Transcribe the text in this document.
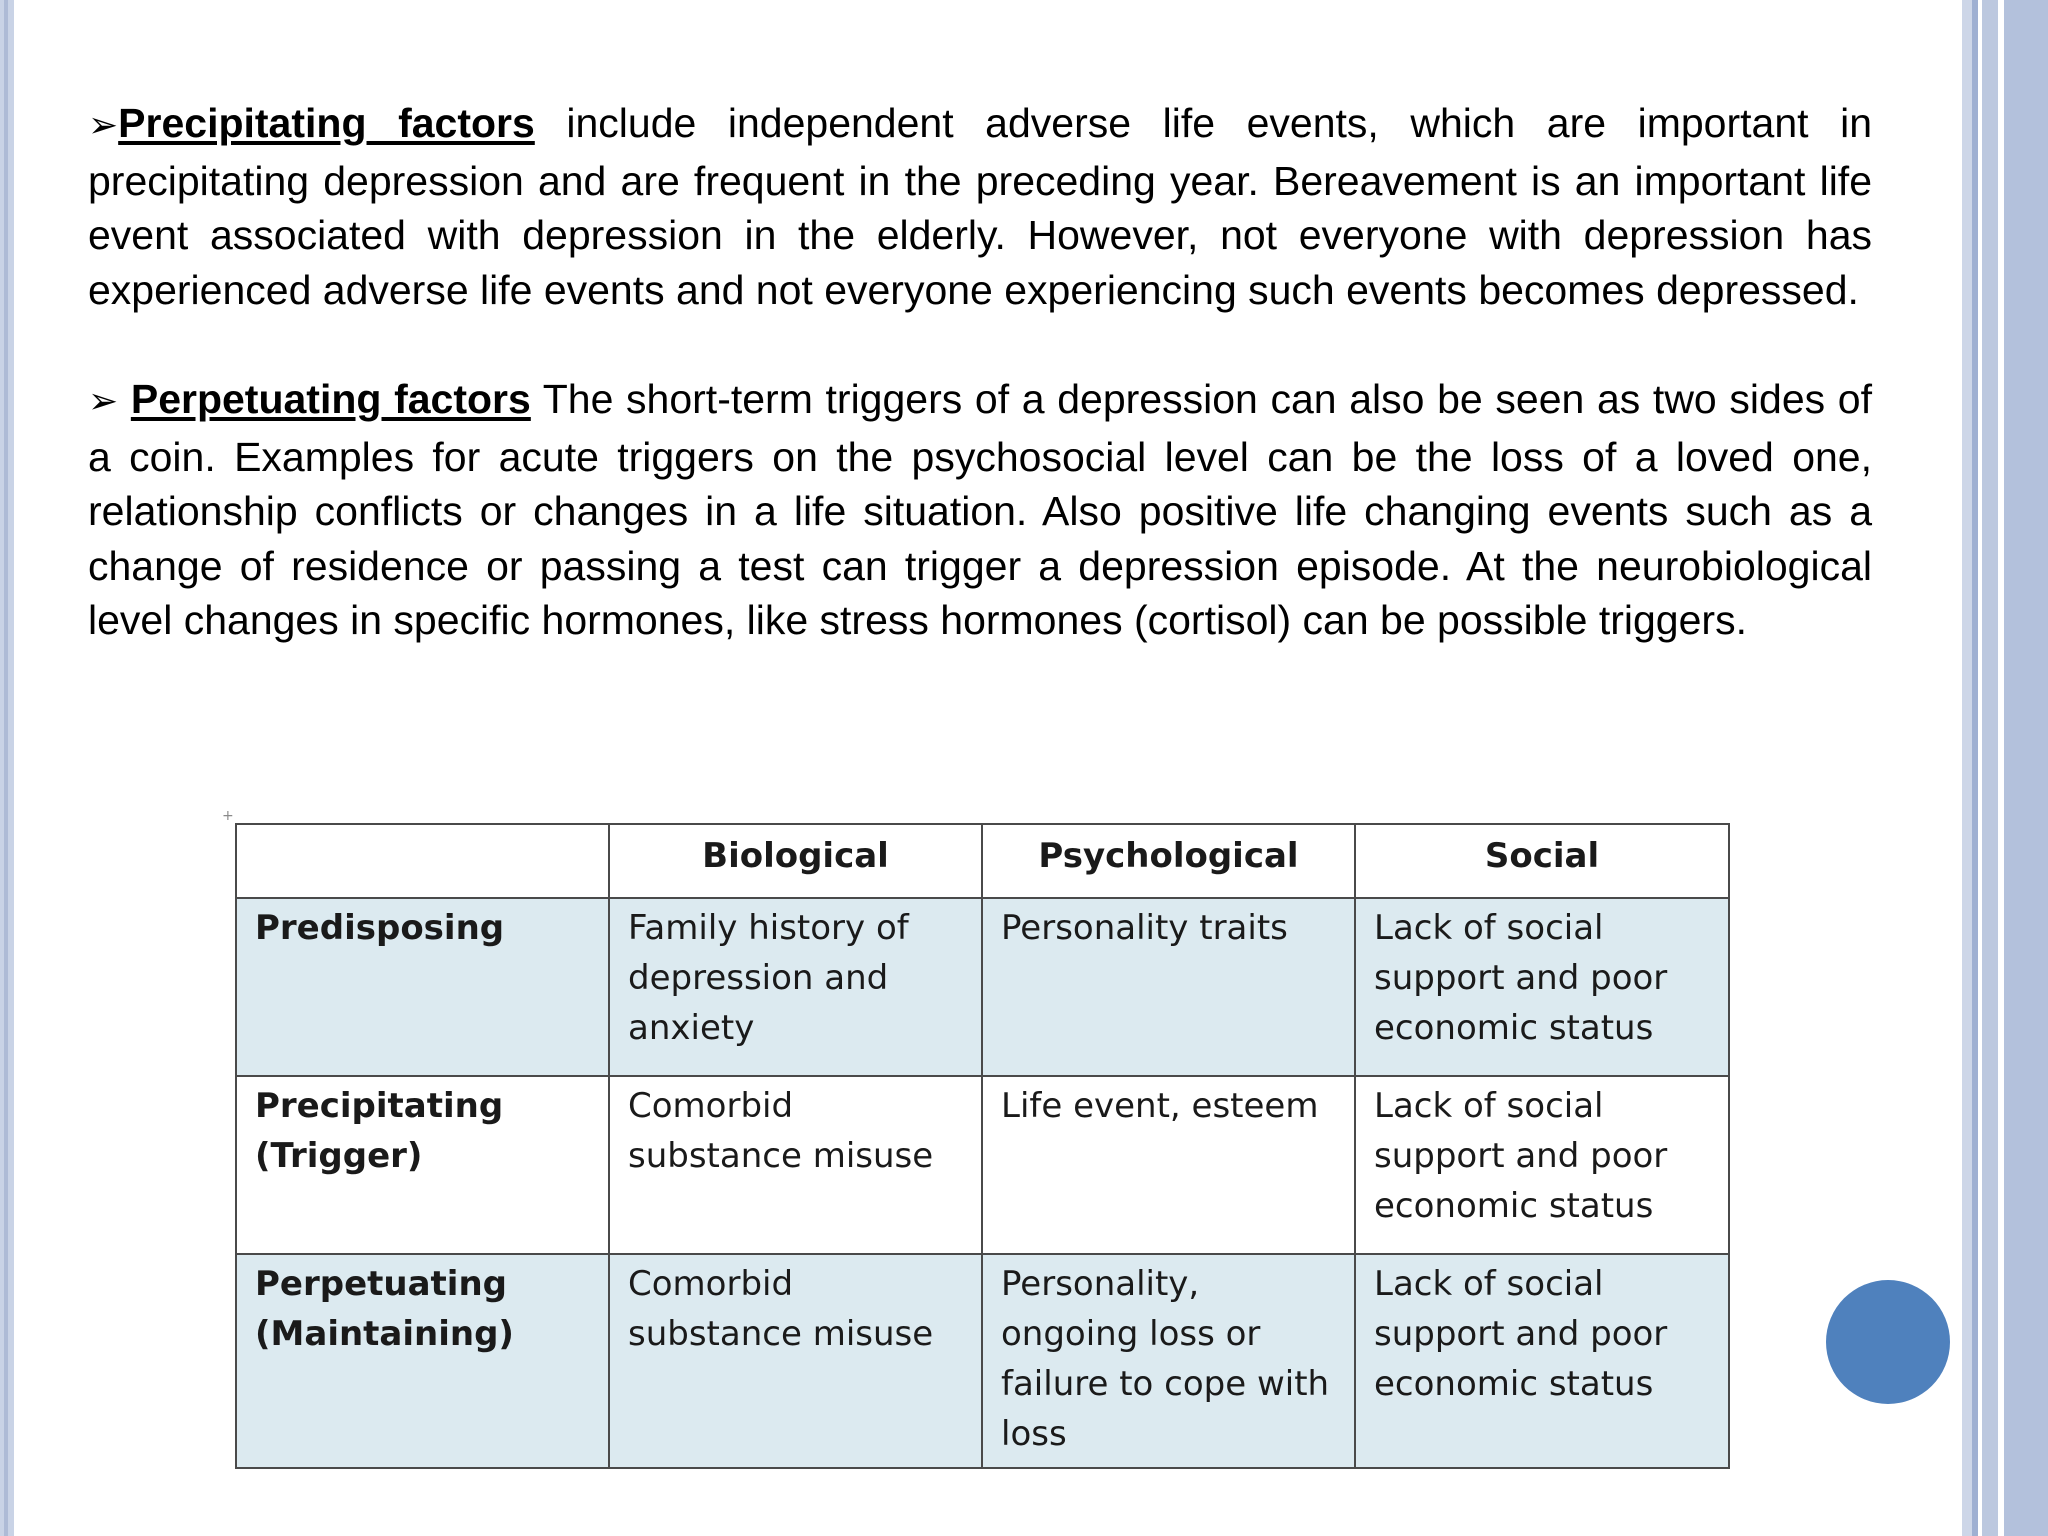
➢Precipitating factors include independent adverse life events, which are important in precipitating depression and are frequent in the preceding year. Bereavement is an important life event associated with depression in the elderly. However, not everyone with depression has experienced adverse life events and not everyone experiencing such events becomes depressed.

➢ Perpetuating factors The short-term triggers of a depression can also be seen as two sides of a coin. Examples for acute triggers on the psychosocial level can be the loss of a loved one, relationship conflicts or changes in a life situation. Also positive life changing events such as a change of residence or passing a test can trigger a depression episode. At the neurobiological level changes in specific hormones, like stress hormones (cortisol) can be possible triggers.

+
	Biological	Psychological	Social
Predisposing	Family history of depression and anxiety	Personality traits	Lack of social support and poor economic status
Precipitating (Trigger)	Comorbid substance misuse	Life event, esteem	Lack of social support and poor economic status
Perpetuating (Maintaining)	Comorbid substance misuse	Personality, ongoing loss or failure to cope with loss	Lack of social support and poor economic status
